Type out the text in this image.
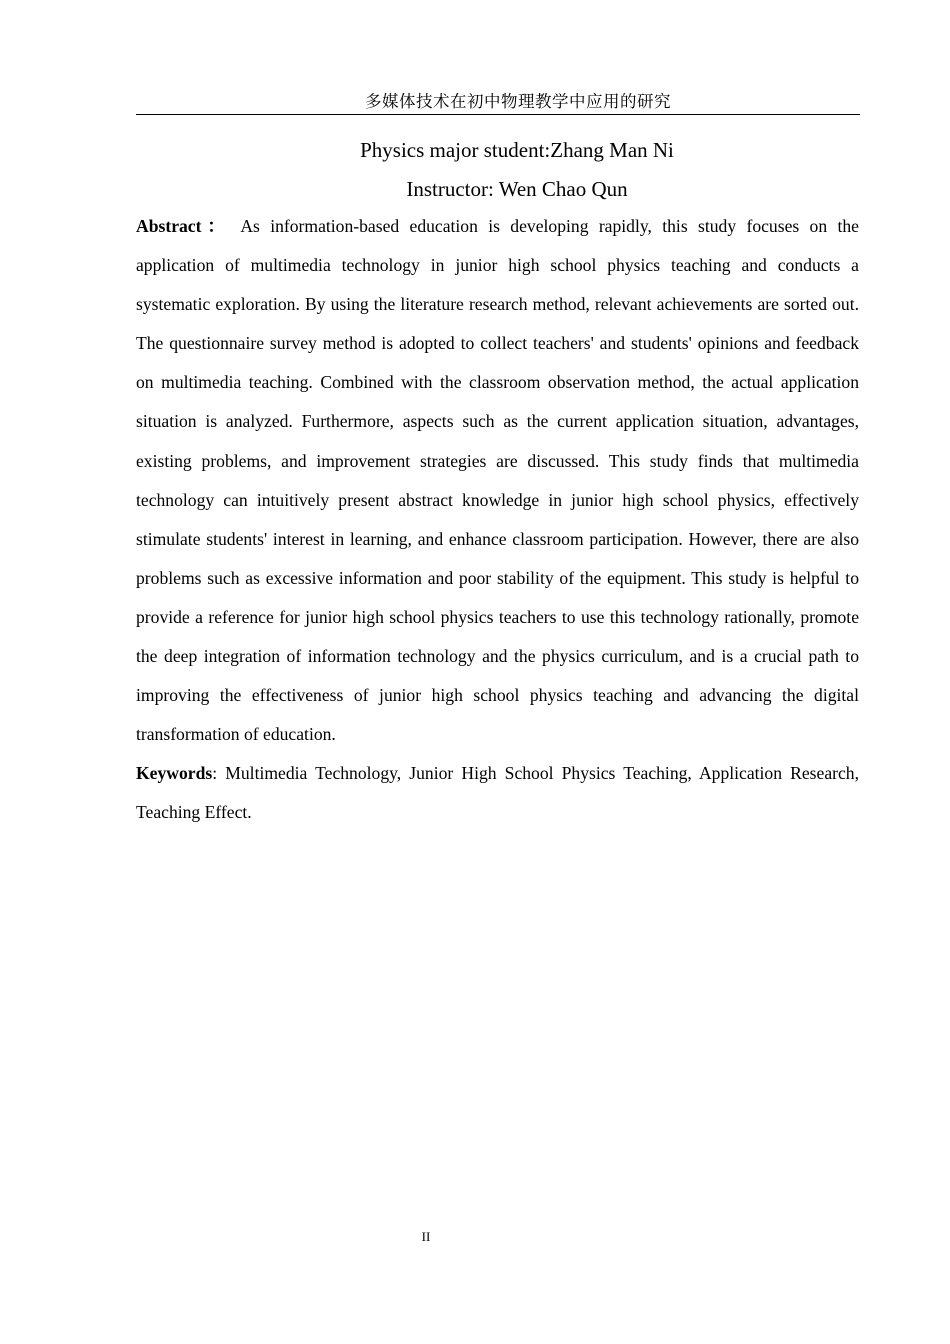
多媒体技术在初中物理教学中应用的研究
Physics major student:Zhang Man Ni
Instructor: Wen Chao Qun

Abstract： As information-based education is developing rapidly, this study focuses on the application of multimedia technology in junior high school physics teaching and conducts a systematic exploration. By using the literature research method, relevant achievements are sorted out. The questionnaire survey method is adopted to collect teachers' and students' opinions and feedback on multimedia teaching. Combined with the classroom observation method, the actual application situation is analyzed. Furthermore, aspects such as the current application situation, advantages, existing problems, and improvement strategies are discussed. This study finds that multimedia technology can intuitively present abstract knowledge in junior high school physics, effectively stimulate students' interest in learning, and enhance classroom participation. However, there are also problems such as excessive information and poor stability of the equipment. This study is helpful to provide a reference for junior high school physics teachers to use this technology rationally, promote the deep integration of information technology and the physics curriculum, and is a crucial path to improving the effectiveness of junior high school physics teaching and advancing the digital transformation of education.

Keywords: Multimedia Technology, Junior High School Physics Teaching, Application Research, Teaching Effect.

II
